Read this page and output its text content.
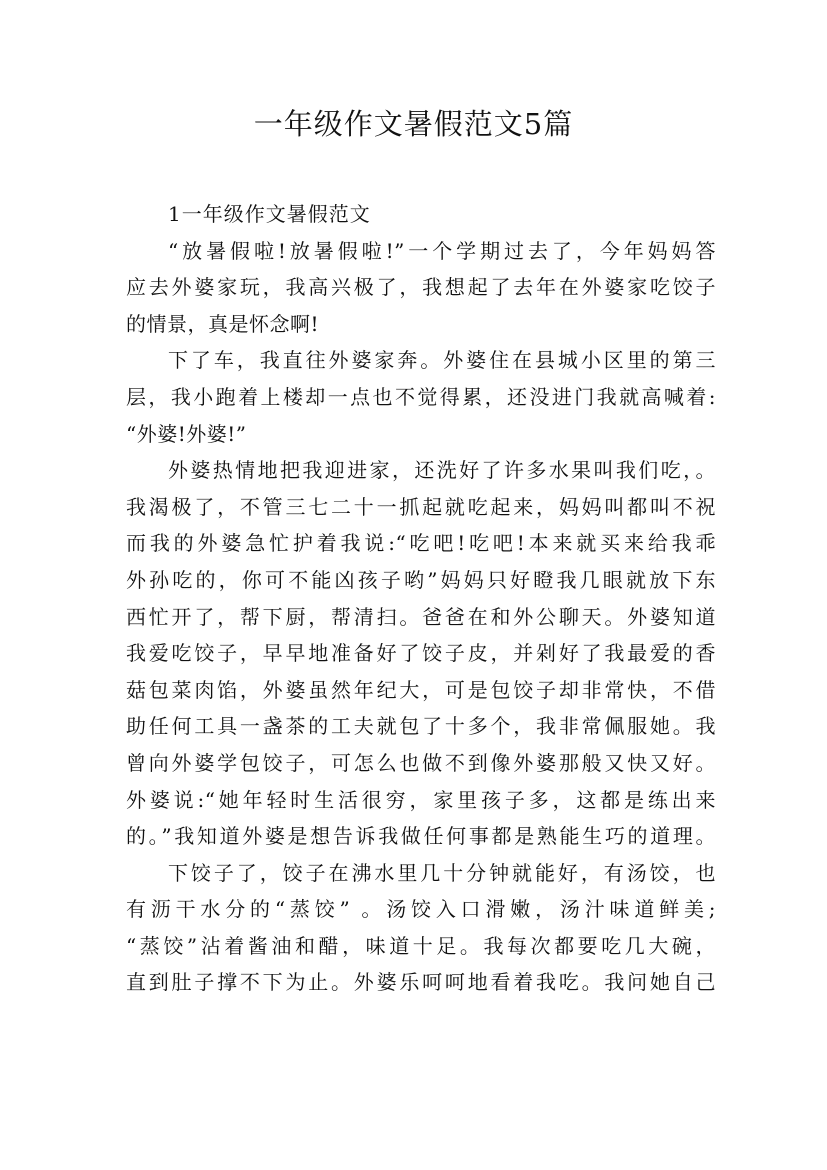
一年级作文暑假范文5篇

1一年级作文暑假范文

“放暑假啦!放暑假啦!”一个学期过去了，今年妈妈答
应去外婆家玩，我高兴极了，我想起了去年在外婆家吃饺子
的情景，真是怀念啊!

下了车，我直往外婆家奔。外婆住在县城小区里的第三
层，我小跑着上楼却一点也不觉得累，还没进门我就高喊着:
“外婆!外婆!”

外婆热情地把我迎进家，还洗好了许多水果叫我们吃，。
我渴极了，不管三七二十一抓起就吃起来，妈妈叫都叫不祝
而我的外婆急忙护着我说:“吃吧!吃吧!本来就买来给我乖
外孙吃的，你可不能凶孩子哟”妈妈只好瞪我几眼就放下东
西忙开了，帮下厨，帮清扫。爸爸在和外公聊天。外婆知道
我爱吃饺子，早早地准备好了饺子皮，并剁好了我最爱的香
菇包菜肉馅，外婆虽然年纪大，可是包饺子却非常快，不借
助任何工具一盏茶的工夫就包了十多个，我非常佩服她。我
曾向外婆学包饺子，可怎么也做不到像外婆那般又快又好。
外婆说:“她年轻时生活很穷，家里孩子多，这都是练出来
的。”我知道外婆是想告诉我做任何事都是熟能生巧的道理。

下饺子了，饺子在沸水里几十分钟就能好，有汤饺，也
有沥干水分的“蒸饺” 。汤饺入口滑嫩，汤汁味道鲜美;
“蒸饺”沾着酱油和醋，味道十足。我每次都要吃几大碗，
直到肚子撑不下为止。外婆乐呵呵地看着我吃。我问她自己
